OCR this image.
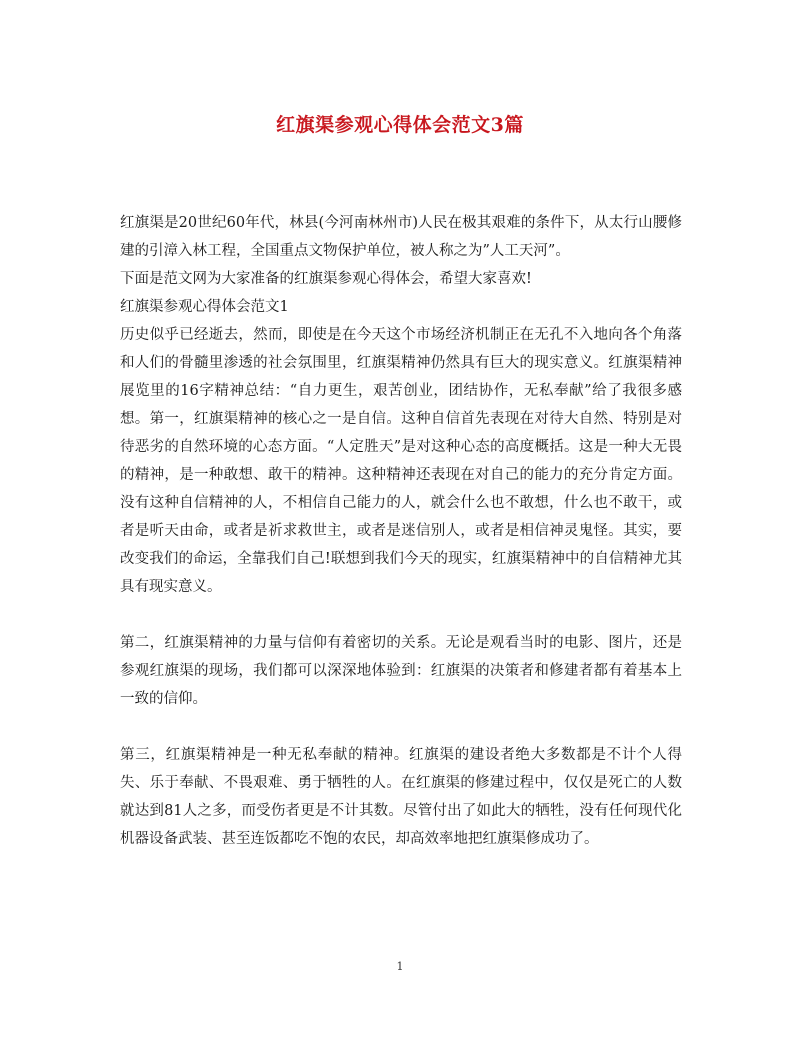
红旗渠参观心得体会范文3篇

红旗渠是20世纪60年代，林县(今河南林州市)人民在极其艰难的条件下，从太行山腰修建的引漳入林工程，全国重点文物保护单位，被人称之为”人工天河”。

下面是范文网为大家准备的红旗渠参观心得体会，希望大家喜欢!

红旗渠参观心得体会范文1

历史似乎已经逝去，然而，即使是在今天这个市场经济机制正在无孔不入地向各个角落和人们的骨髓里渗透的社会氛围里，红旗渠精神仍然具有巨大的现实意义。红旗渠精神展览里的16字精神总结：“自力更生，艰苦创业，团结协作，无私奉献”给了我很多感想。第一，红旗渠精神的核心之一是自信。这种自信首先表现在对待大自然、特别是对待恶劣的自然环境的心态方面。“人定胜天”是对这种心态的高度概括。这是一种大无畏的精神，是一种敢想、敢干的精神。这种精神还表现在对自己的能力的充分肯定方面。没有这种自信精神的人，不相信自己能力的人，就会什么也不敢想，什么也不敢干，或者是听天由命，或者是祈求救世主，或者是迷信别人，或者是相信神灵鬼怪。其实，要改变我们的命运，全靠我们自己!联想到我们今天的现实，红旗渠精神中的自信精神尤其具有现实意义。

第二，红旗渠精神的力量与信仰有着密切的关系。无论是观看当时的电影、图片，还是参观红旗渠的现场，我们都可以深深地体验到：红旗渠的决策者和修建者都有着基本上一致的信仰。

第三，红旗渠精神是一种无私奉献的精神。红旗渠的建设者绝大多数都是不计个人得失、乐于奉献、不畏艰难、勇于牺牲的人。在红旗渠的修建过程中，仅仅是死亡的人数就达到81人之多，而受伤者更是不计其数。尽管付出了如此大的牺牲，没有任何现代化机器设备武装、甚至连饭都吃不饱的农民，却高效率地把红旗渠修成功了。

1
